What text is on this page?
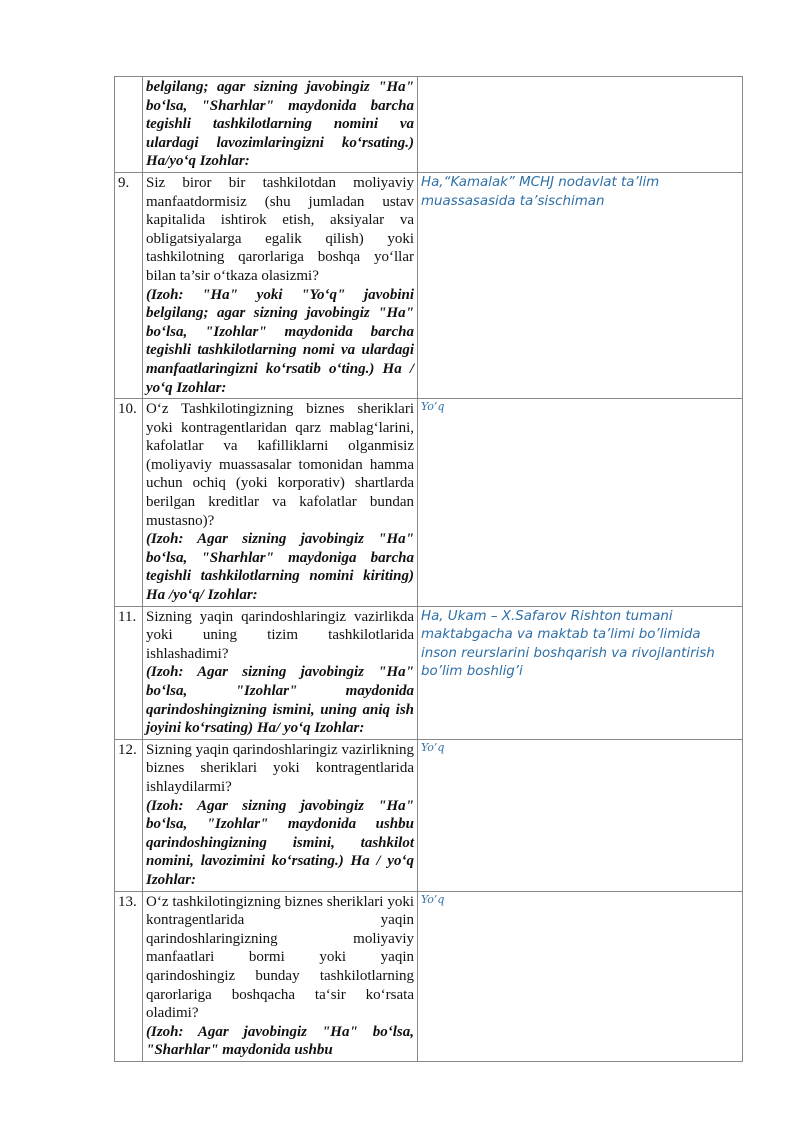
	belgilang; agar sizning javobingiz "Ha" bo‘lsa, "Sharhlar" maydonida barcha tegishli tashkilotlarning nomini va ulardagi lavozimlaringizni ko‘rsating.) Ha/yo‘q Izohlar:	

9.	Siz biror bir tashkilotdan moliyaviy manfaatdormisiz (shu jumladan ustav kapitalida ishtirok etish, aksiyalar va obligatsiyalarga egalik qilish) yoki tashkilotning qarorlariga boshqa yo‘llar bilan ta’sir o‘tkaza olasizmi?
(Izoh: "Ha" yoki "Yo‘q" javobini belgilang; agar sizning javobingiz "Ha" bo‘lsa, "Izohlar" maydonida barcha tegishli tashkilotlarning nomi va ulardagi manfaatlaringizni ko‘rsatib o‘ting.) Ha / yo‘q Izohlar:	Ha,“Kamalak” MCHJ nodavlat ta’lim muassasasida ta’sischiman
10.	O‘z Tashkilotingizning biznes sheriklari yoki kontragentlaridan qarz mablag‘larini, kafolatlar va kafilliklarni olganmisiz (moliyaviy muassasalar tomonidan hamma uchun ochiq (yoki korporativ) shartlarda berilgan kreditlar va kafolatlar bundan mustasno)?
(Izoh: Agar sizning javobingiz "Ha" bo‘lsa, "Sharhlar" maydoniga barcha tegishli tashkilotlarning nomini kiriting) Ha /yo‘q/ Izohlar:	Yo’q
11.	Sizning yaqin qarindoshlaringiz vazirlikda yoki uning tizim tashkilotlarida ishlashadimi?
(Izoh: Agar sizning javobingiz "Ha" bo‘lsa, "Izohlar" maydonida qarindoshingizning ismini, uning aniq ish joyini ko‘rsating) Ha/ yo‘q Izohlar:	Ha, Ukam – X.Safarov Rishton tumani maktabgacha va maktab ta’limi bo’limida inson reurslarini boshqarish va rivojlantirish bo’lim boshlig’i
12.	Sizning yaqin qarindoshlaringiz vazirlikning biznes sheriklari yoki kontragentlarida ishlaydilarmi?
(Izoh: Agar sizning javobingiz "Ha" bo‘lsa, "Izohlar" maydonida ushbu qarindoshingizning ismini, tashkilot nomini, lavozimini ko‘rsating.) Ha / yo‘q Izohlar:	Yo’q
13.	O‘z tashkilotingizning biznes sheriklari yoki kontragentlarida yaqin qarindoshlaringizning moliyaviy manfaatlari bormi yoki yaqin qarindoshingiz bunday tashkilotlarning qarorlariga boshqacha ta‘sir ko‘rsata oladimi?
(Izoh: Agar javobingiz "Ha" bo‘lsa, "Sharhlar" maydonida ushbu	Yo’q
